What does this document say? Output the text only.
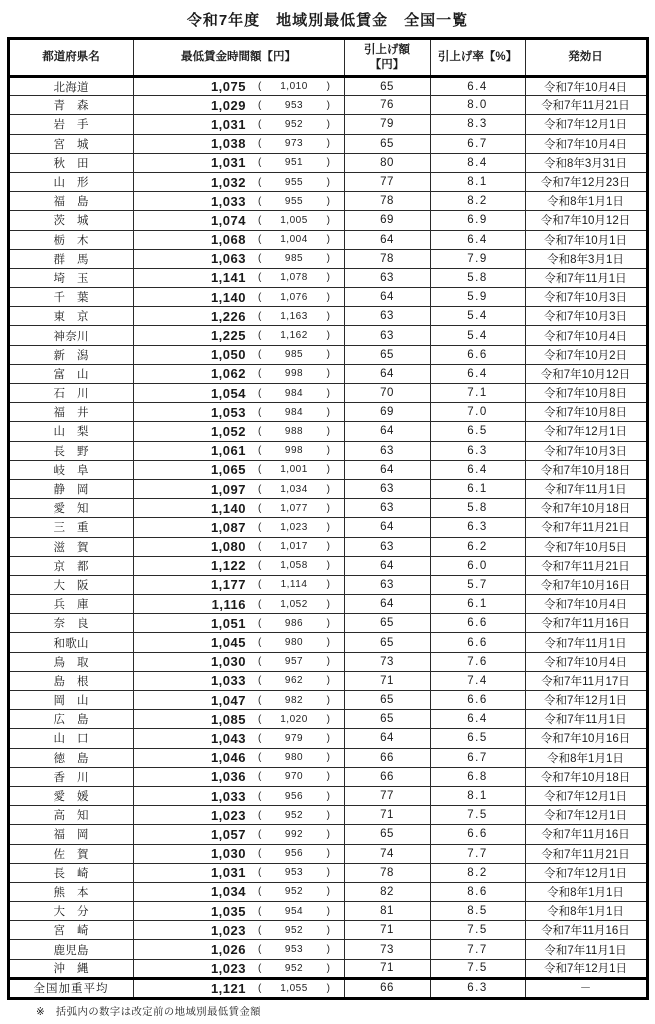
令和7年度　地域別最低賃金　全国一覧
都道府県名	最低賃金時間額【円】	引上げ額
【円】	引上げ率【%】	発効日
北海道	1,075 ( 1,010 )	65	6.4	令和7年10月4日
青森	1,029 ( 953 )	76	8.0	令和7年11月21日
岩手	1,031 ( 952 )	79	8.3	令和7年12月1日
宮城	1,038 ( 973 )	65	6.7	令和7年10月4日
秋田	1,031 ( 951 )	80	8.4	令和8年3月31日
山形	1,032 ( 955 )	77	8.1	令和7年12月23日
福島	1,033 ( 955 )	78	8.2	令和8年1月1日
茨城	1,074 ( 1,005 )	69	6.9	令和7年10月12日
栃木	1,068 ( 1,004 )	64	6.4	令和7年10月1日
群馬	1,063 ( 985 )	78	7.9	令和8年3月1日
埼玉	1,141 ( 1,078 )	63	5.8	令和7年11月1日
千葉	1,140 ( 1,076 )	64	5.9	令和7年10月3日
東京	1,226 ( 1,163 )	63	5.4	令和7年10月3日
神奈川	1,225 ( 1,162 )	63	5.4	令和7年10月4日
新潟	1,050 ( 985 )	65	6.6	令和7年10月2日
富山	1,062 ( 998 )	64	6.4	令和7年10月12日
石川	1,054 ( 984 )	70	7.1	令和7年10月8日
福井	1,053 ( 984 )	69	7.0	令和7年10月8日
山梨	1,052 ( 988 )	64	6.5	令和7年12月1日
長野	1,061 ( 998 )	63	6.3	令和7年10月3日
岐阜	1,065 ( 1,001 )	64	6.4	令和7年10月18日
静岡	1,097 ( 1,034 )	63	6.1	令和7年11月1日
愛知	1,140 ( 1,077 )	63	5.8	令和7年10月18日
三重	1,087 ( 1,023 )	64	6.3	令和7年11月21日
滋賀	1,080 ( 1,017 )	63	6.2	令和7年10月5日
京都	1,122 ( 1,058 )	64	6.0	令和7年11月21日
大阪	1,177 ( 1,114 )	63	5.7	令和7年10月16日
兵庫	1,116 ( 1,052 )	64	6.1	令和7年10月4日
奈良	1,051 ( 986 )	65	6.6	令和7年11月16日
和歌山	1,045 ( 980 )	65	6.6	令和7年11月1日
鳥取	1,030 ( 957 )	73	7.6	令和7年10月4日
島根	1,033 ( 962 )	71	7.4	令和7年11月17日
岡山	1,047 ( 982 )	65	6.6	令和7年12月1日
広島	1,085 ( 1,020 )	65	6.4	令和7年11月1日
山口	1,043 ( 979 )	64	6.5	令和7年10月16日
徳島	1,046 ( 980 )	66	6.7	令和8年1月1日
香川	1,036 ( 970 )	66	6.8	令和7年10月18日
愛媛	1,033 ( 956 )	77	8.1	令和7年12月1日
高知	1,023 ( 952 )	71	7.5	令和7年12月1日
福岡	1,057 ( 992 )	65	6.6	令和7年11月16日
佐賀	1,030 ( 956 )	74	7.7	令和7年11月21日
長崎	1,031 ( 953 )	78	8.2	令和7年12月1日
熊本	1,034 ( 952 )	82	8.6	令和8年1月1日
大分	1,035 ( 954 )	81	8.5	令和8年1月1日
宮崎	1,023 ( 952 )	71	7.5	令和7年11月16日
鹿児島	1,026 ( 953 )	73	7.7	令和7年11月1日
沖縄	1,023 ( 952 )	71	7.5	令和7年12月1日
全国加重平均	1,121 ( 1,055 )	66	6.3	－
※　括弧内の数字は改定前の地域別最低賃金額
